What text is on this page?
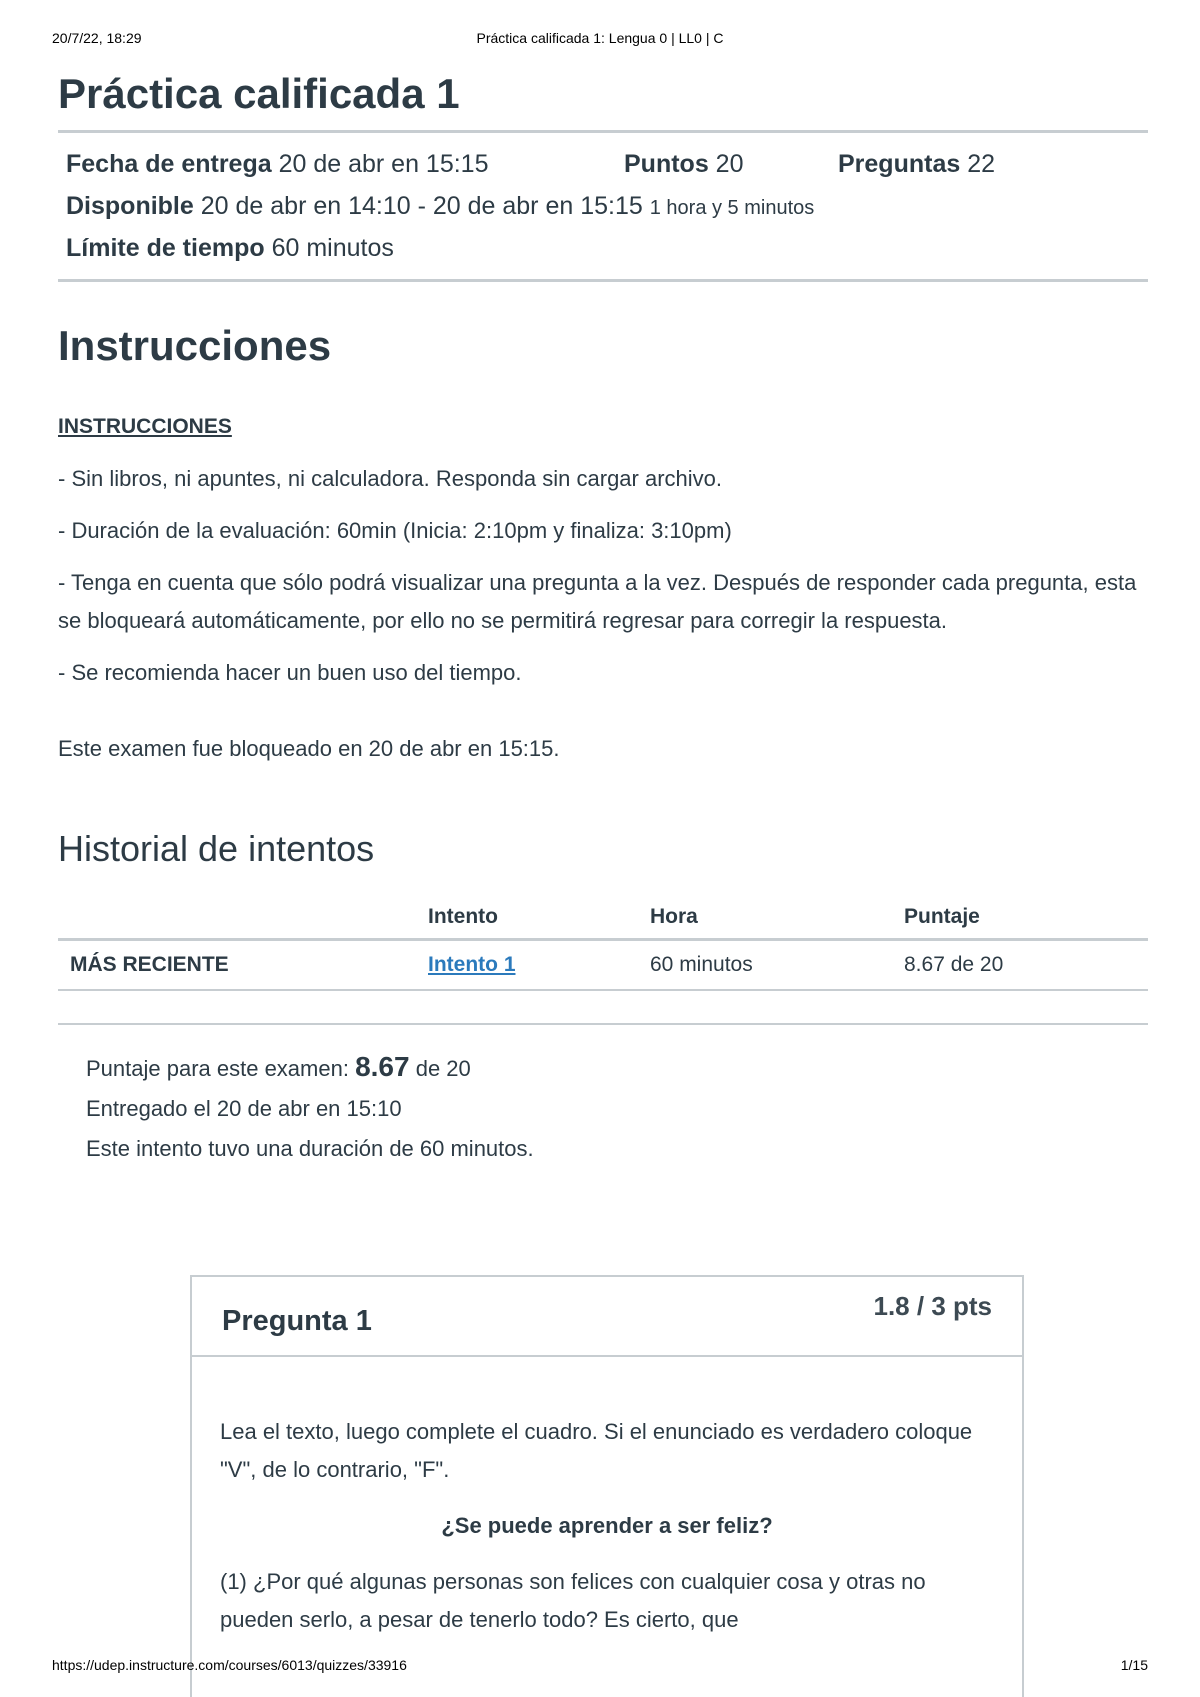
20/7/22, 18:29	Práctica calificada 1: Lengua 0 | LL0 | C
Práctica calificada 1
Fecha de entrega 20 de abr en 15:15	Puntos 20	Preguntas 22
Disponible 20 de abr en 14:10 - 20 de abr en 15:15 1 hora y 5 minutos
Límite de tiempo 60 minutos
Instrucciones
INSTRUCCIONES

- Sin libros, ni apuntes, ni calculadora. Responda sin cargar archivo.

- Duración de la evaluación: 60min (Inicia: 2:10pm y finaliza: 3:10pm)

- Tenga en cuenta que sólo podrá visualizar una pregunta a la vez. Después de responder cada pregunta, esta se bloqueará automáticamente, por ello no se permitirá regresar para corregir la respuesta.

- Se recomienda hacer un buen uso del tiempo.

Este examen fue bloqueado en 20 de abr en 15:15.
Historial de intentos
	Intento	Hora	Puntaje
MÁS RECIENTE	Intento 1	60 minutos	8.67 de 20
Puntaje para este examen: 8.67 de 20
Entregado el 20 de abr en 15:10
Este intento tuvo una duración de 60 minutos.
Pregunta 1	1.8 / 3 pts

Lea el texto, luego complete el cuadro. Si el enunciado es verdadero coloque "V", de lo contrario, "F".

¿Se puede aprender a ser feliz?

(1) ¿Por qué algunas personas son felices con cualquier cosa y otras no pueden serlo, a pesar de tenerlo todo? Es cierto, que

https://udep.instructure.com/courses/6013/quizzes/33916	1/15
